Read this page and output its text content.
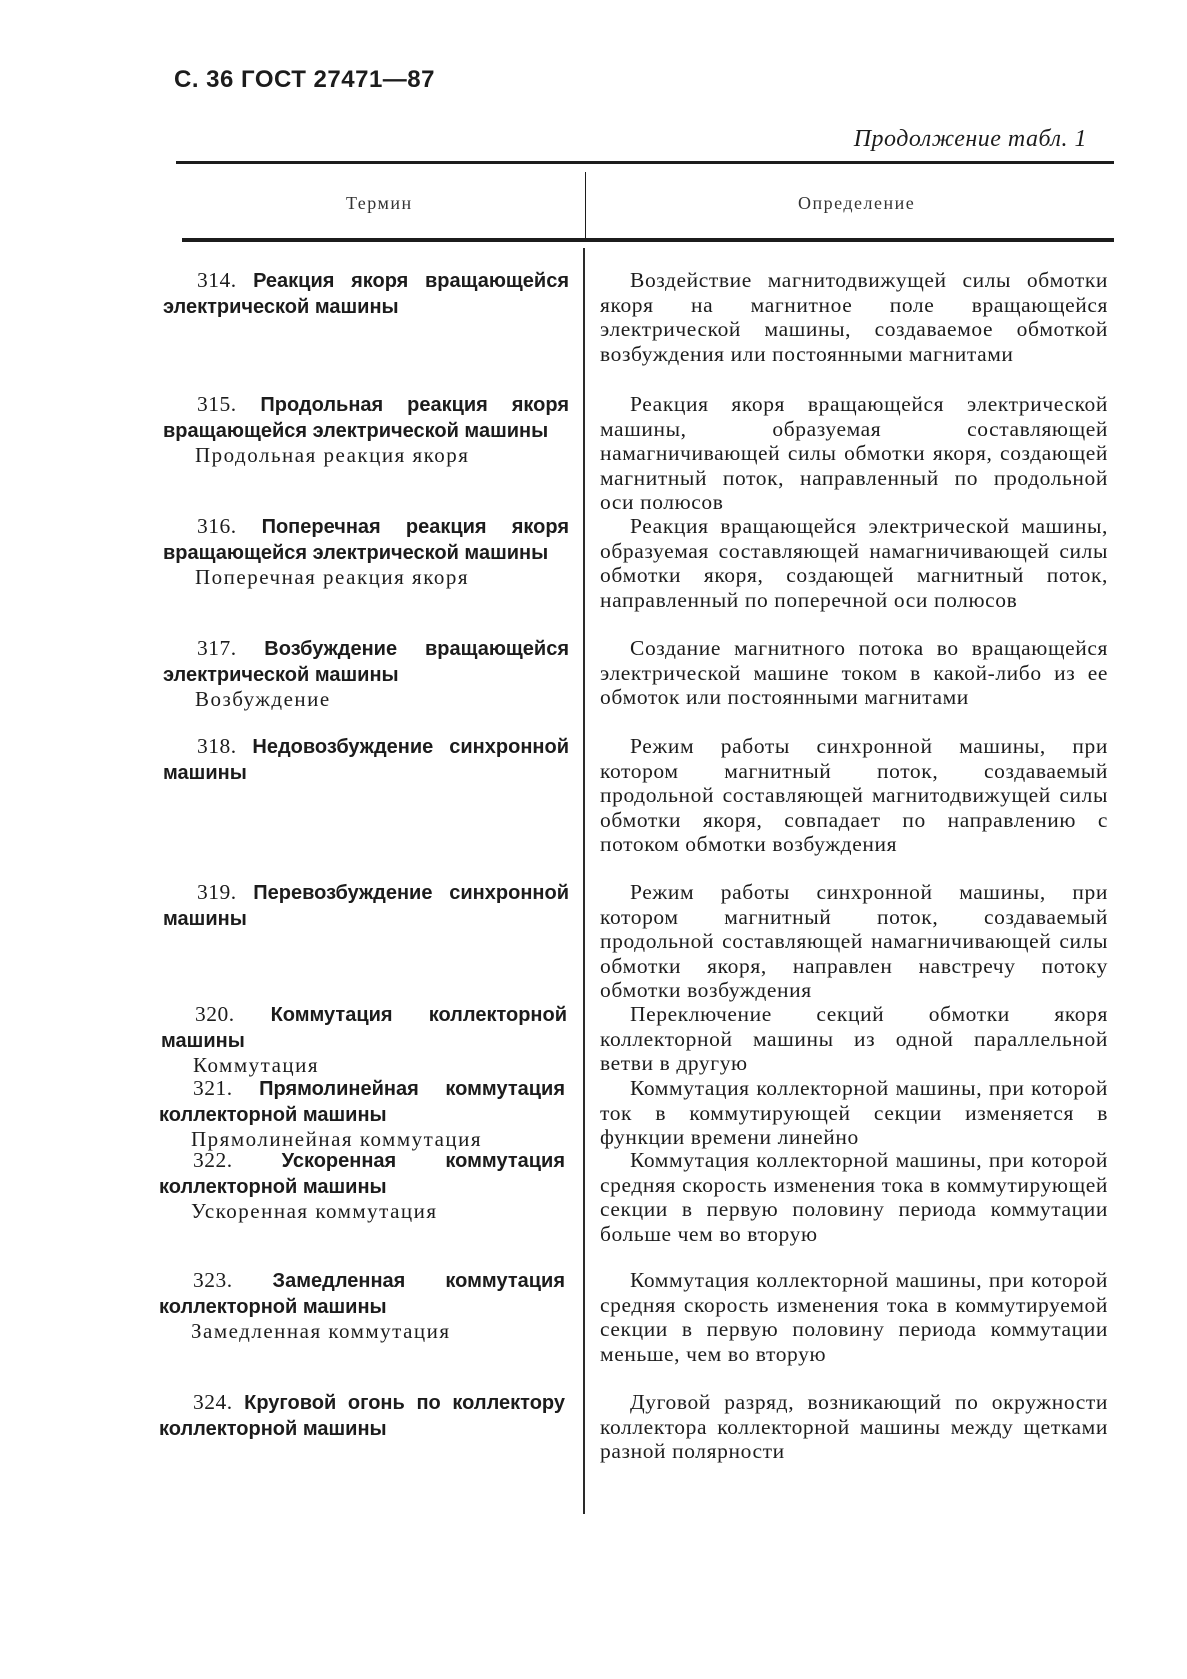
С. 36 ГОСТ 27471—87
Продолжение табл. 1
Термин	Определение
314. Реакция якоря вращающейся электрической машины
Воздействие магнитодвижущей силы обмотки якоря на магнитное поле вращающейся электрической машины, создаваемое обмоткой возбуждения или постоянными магнитами
315. Продольная реакция якоря вращающейся электрической машины
Продольная реакция якоря
Реакция якоря вращающейся электрической машины, образуемая составляющей намагничивающей силы обмотки якоря, создающей магнитный поток, направленный по продольной оси полюсов
316. Поперечная реакция якоря вращающейся электрической машины
Поперечная реакция якоря
Реакция вращающейся электрической машины, образуемая составляющей намагничивающей силы обмотки якоря, создающей магнитный поток, направленный по поперечной оси полюсов
317. Возбуждение вращающейся электрической машины
Возбуждение
Создание магнитного потока во вращающейся электрической машине током в какой-либо из ее обмоток или постоянными магнитами
318. Недовозбуждение синхронной машины
Режим работы синхронной машины, при котором магнитный поток, создаваемый продольной составляющей магнитодвижущей силы обмотки якоря, совпадает по направлению с потоком обмотки возбуждения
319. Перевозбуждение синхронной машины
Режим работы синхронной машины, при котором магнитный поток, создаваемый продольной составляющей намагничивающей силы обмотки якоря, направлен навстречу потоку обмотки возбуждения
320. Коммутация коллекторной машины
Коммутация
Переключение секций обмотки якоря коллекторной машины из одной параллельной ветви в другую
321. Прямолинейная коммутация коллекторной машины
Прямолинейная коммутация
Коммутация коллекторной машины, при которой ток в коммутирующей секции изменяется в функции времени линейно
322. Ускоренная коммутация коллекторной машины
Ускоренная коммутация
Коммутация коллекторной машины, при которой средняя скорость изменения тока в коммутирующей секции в первую половину периода коммутации больше чем во вторую
323. Замедленная коммутация коллекторной машины
Замедленная коммутация
Коммутация коллекторной машины, при которой средняя скорость изменения тока в коммутируемой секции в первую половину периода коммутации меньше, чем во вторую
324. Круговой огонь по коллектору коллекторной машины
Дуговой разряд, возникающий по окружности коллектора коллекторной машины между щетками разной полярности
